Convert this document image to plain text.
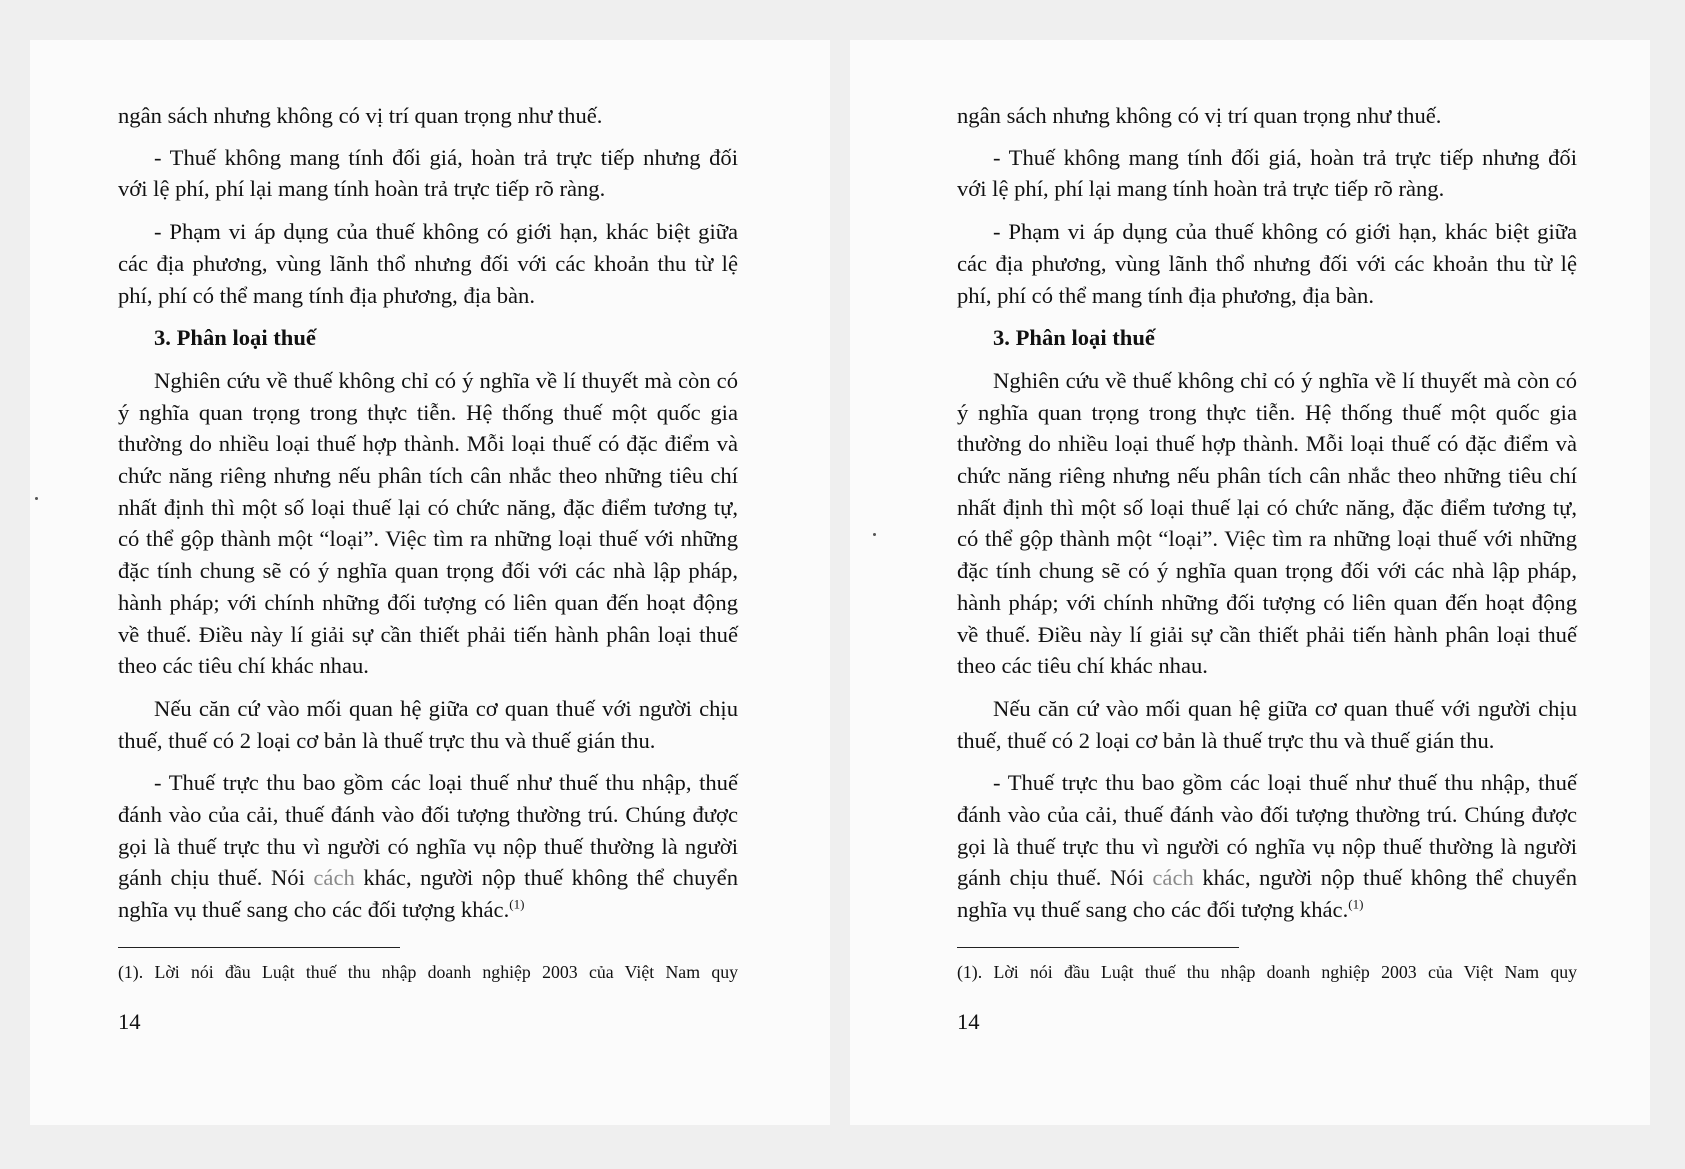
ngân sách nhưng không có vị trí quan trọng như thuế.

- Thuế không mang tính đối giá, hoàn trả trực tiếp nhưng đối với lệ phí, phí lại mang tính hoàn trả trực tiếp rõ ràng.

- Phạm vi áp dụng của thuế không có giới hạn, khác biệt giữa các địa phương, vùng lãnh thổ nhưng đối với các khoản thu từ lệ phí, phí có thể mang tính địa phương, địa bàn.

3. Phân loại thuế

Nghiên cứu về thuế không chỉ có ý nghĩa về lí thuyết mà còn có ý nghĩa quan trọng trong thực tiễn. Hệ thống thuế một quốc gia thường do nhiều loại thuế hợp thành. Mỗi loại thuế có đặc điểm và chức năng riêng nhưng nếu phân tích cân nhắc theo những tiêu chí nhất định thì một số loại thuế lại có chức năng, đặc điểm tương tự, có thể gộp thành một “loại”. Việc tìm ra những loại thuế với những đặc tính chung sẽ có ý nghĩa quan trọng đối với các nhà lập pháp, hành pháp; với chính những đối tượng có liên quan đến hoạt động về thuế. Điều này lí giải sự cần thiết phải tiến hành phân loại thuế theo các tiêu chí khác nhau.

Nếu căn cứ vào mối quan hệ giữa cơ quan thuế với người chịu thuế, thuế có 2 loại cơ bản là thuế trực thu và thuế gián thu.

- Thuế trực thu bao gồm các loại thuế như thuế thu nhập, thuế đánh vào của cải, thuế đánh vào đối tượng thường trú. Chúng được gọi là thuế trực thu vì người có nghĩa vụ nộp thuế thường là người gánh chịu thuế. Nói cách khác, người nộp thuế không thể chuyển nghĩa vụ thuế sang cho các đối tượng khác.$^{(1)}$

(1). Lời nói đầu Luật thuế thu nhập doanh nghiệp 2003 của Việt Nam quy

14

ngân sách nhưng không có vị trí quan trọng như thuế.

- Thuế không mang tính đối giá, hoàn trả trực tiếp nhưng đối với lệ phí, phí lại mang tính hoàn trả trực tiếp rõ ràng.

- Phạm vi áp dụng của thuế không có giới hạn, khác biệt giữa các địa phương, vùng lãnh thổ nhưng đối với các khoản thu từ lệ phí, phí có thể mang tính địa phương, địa bàn.

3. Phân loại thuế

Nghiên cứu về thuế không chỉ có ý nghĩa về lí thuyết mà còn có ý nghĩa quan trọng trong thực tiễn. Hệ thống thuế một quốc gia thường do nhiều loại thuế hợp thành. Mỗi loại thuế có đặc điểm và chức năng riêng nhưng nếu phân tích cân nhắc theo những tiêu chí nhất định thì một số loại thuế lại có chức năng, đặc điểm tương tự, có thể gộp thành một “loại”. Việc tìm ra những loại thuế với những đặc tính chung sẽ có ý nghĩa quan trọng đối với các nhà lập pháp, hành pháp; với chính những đối tượng có liên quan đến hoạt động về thuế. Điều này lí giải sự cần thiết phải tiến hành phân loại thuế theo các tiêu chí khác nhau.

Nếu căn cứ vào mối quan hệ giữa cơ quan thuế với người chịu thuế, thuế có 2 loại cơ bản là thuế trực thu và thuế gián thu.

- Thuế trực thu bao gồm các loại thuế như thuế thu nhập, thuế đánh vào của cải, thuế đánh vào đối tượng thường trú. Chúng được gọi là thuế trực thu vì người có nghĩa vụ nộp thuế thường là người gánh chịu thuế. Nói cách khác, người nộp thuế không thể chuyển nghĩa vụ thuế sang cho các đối tượng khác.$^{(1)}$

(1). Lời nói đầu Luật thuế thu nhập doanh nghiệp 2003 của Việt Nam quy

14
